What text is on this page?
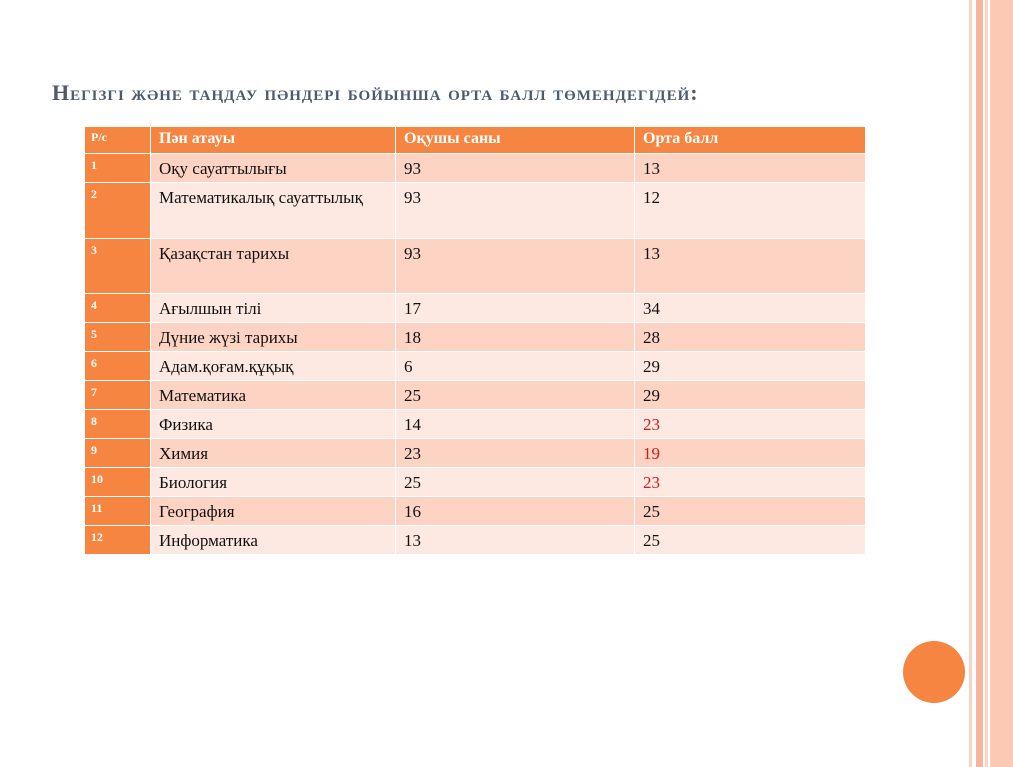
Негізгі және таңдау пәндері бойынша орта балл төмендегідей:
Р/с	Пән атауы	Оқушы саны	Орта балл
1	Оқу сауаттылығы	93	13
2	Математикалық сауаттылық	93	12
3	Қазақстан тарихы	93	13
4	Ағылшын тілі	17	34
5	Дүние жүзі тарихы	18	28
6	Адам.қоғам.құқық	6	29
7	Математика	25	29
8	Физика	14	23
9	Химия	23	19
10	Биология	25	23
11	География	16	25
12	Информатика	13	25
